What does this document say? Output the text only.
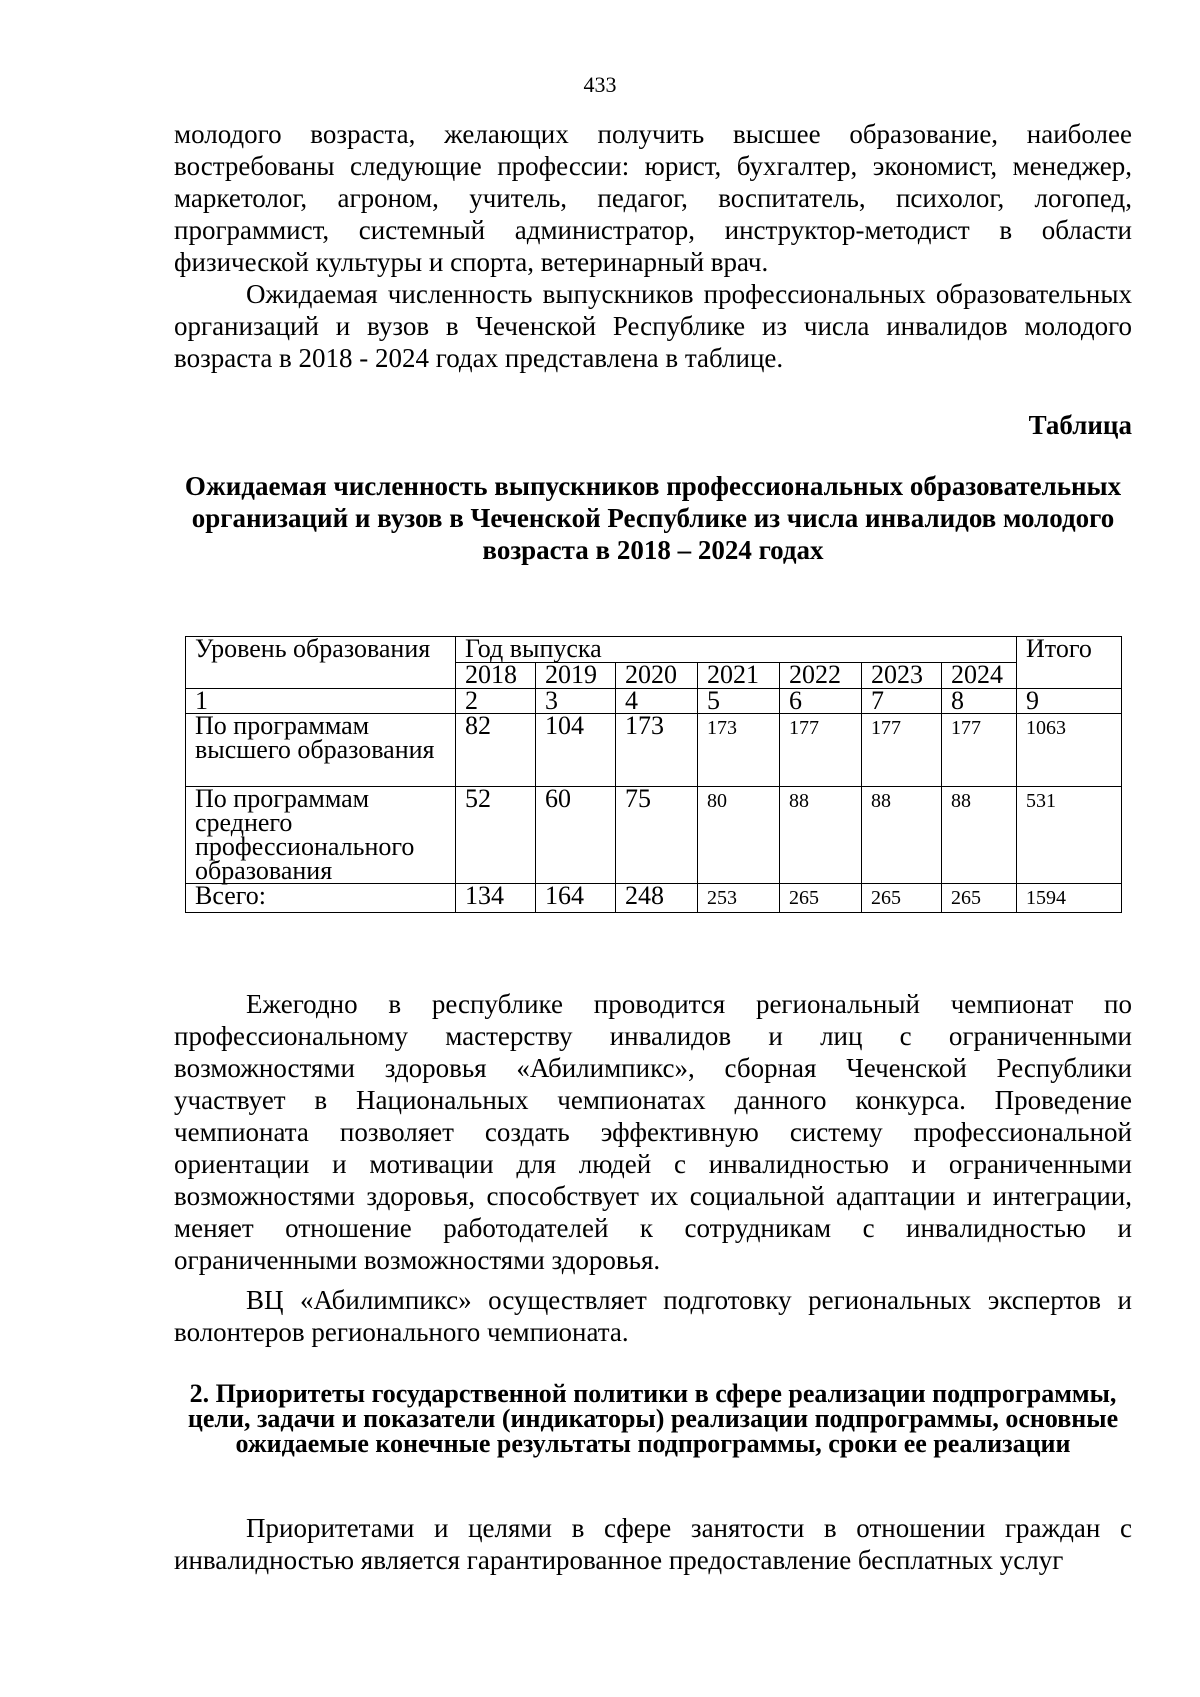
433

молодого возраста, желающих получить высшее образование, наиболее востребованы следующие профессии: юрист, бухгалтер, экономист, менеджер, маркетолог, агроном, учитель, педагог, воспитатель, психолог, логопед, программист, системный администратор, инструктор-методист в области физической культуры и спорта, ветеринарный врач.

Ожидаемая численность выпускников профессиональных образовательных организаций и вузов в Чеченской Республике из числа инвалидов молодого возраста в 2018 - 2024 годах представлена в таблице.

Таблица

Ожидаемая численность выпускников профессиональных образовательных организаций и вузов в Чеченской Республике из числа инвалидов молодого возраста в 2018 – 2024 годах

Уровень образования	Год выпуска							Итого
	2018	2019	2020	2021	2022	2023	2024	
1	2	3	4	5	6	7	8	9
По программам высшего образования	82	104	173	173	177	177	177	1063
По программам среднего профессионального образования	52	60	75	80	88	88	88	531
Всего:	134	164	248	253	265	265	265	1594

Ежегодно в республике проводится региональный чемпионат по профессиональному мастерству инвалидов и лиц с ограниченными возможностями здоровья «Абилимпикс», сборная Чеченской Республики участвует в Национальных чемпионатах данного конкурса. Проведение чемпионата позволяет создать эффективную систему профессиональной ориентации и мотивации для людей с инвалидностью и ограниченными возможностями здоровья, способствует их социальной адаптации и интеграции, меняет отношение работодателей к сотрудникам с инвалидностью и ограниченными возможностями здоровья.

ВЦ «Абилимпикс» осуществляет подготовку региональных экспертов и волонтеров регионального чемпионата.

2. Приоритеты государственной политики в сфере реализации подпрограммы, цели, задачи и показатели (индикаторы) реализации подпрограммы, основные ожидаемые конечные результаты подпрограммы, сроки ее реализации

Приоритетами и целями в сфере занятости в отношении граждан с инвалидностью является гарантированное предоставление бесплатных услуг
